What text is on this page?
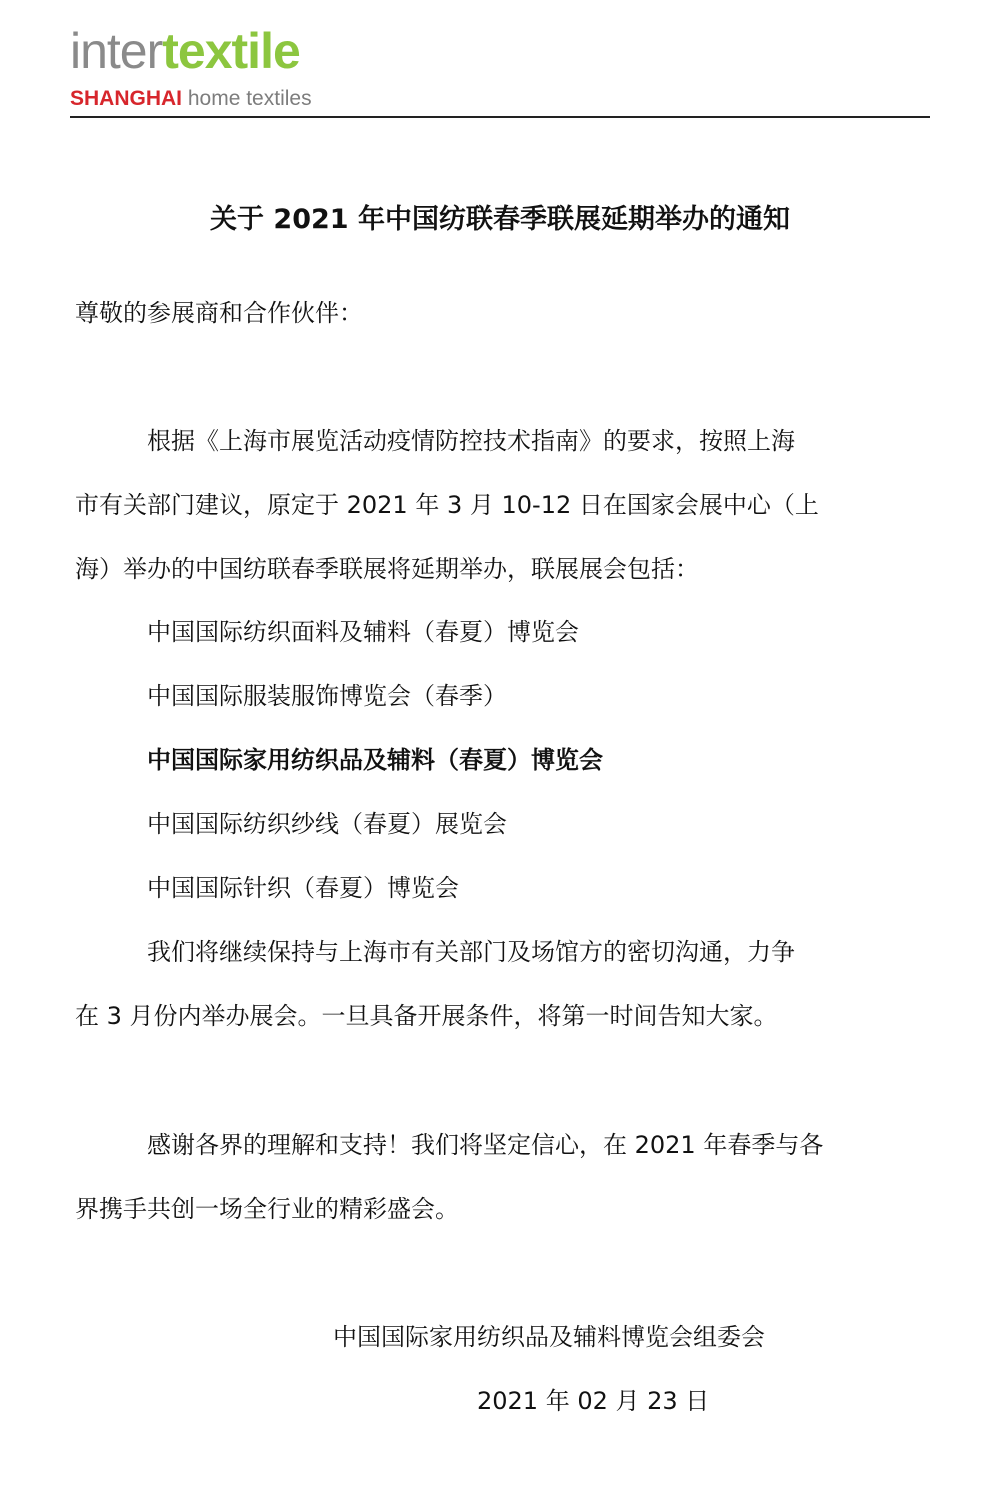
intertextile
SHANGHAI home textiles
关于 2021 年中国纺联春季联展延期举办的通知
尊敬的参展商和合作伙伴：
根据《上海市展览活动疫情防控技术指南》的要求，按照上海
市有关部门建议，原定于 2021 年 3 月 10-12 日在国家会展中心（上
海）举办的中国纺联春季联展将延期举办，联展展会包括：
中国国际纺织面料及辅料（春夏）博览会
中国国际服装服饰博览会（春季）
中国国际家用纺织品及辅料（春夏）博览会
中国国际纺织纱线（春夏）展览会
中国国际针织（春夏）博览会
我们将继续保持与上海市有关部门及场馆方的密切沟通，力争
在 3 月份内举办展会。一旦具备开展条件，将第一时间告知大家。
感谢各界的理解和支持！我们将坚定信心，在 2021 年春季与各
界携手共创一场全行业的精彩盛会。
中国国际家用纺织品及辅料博览会组委会
2021 年 02 月 23 日
